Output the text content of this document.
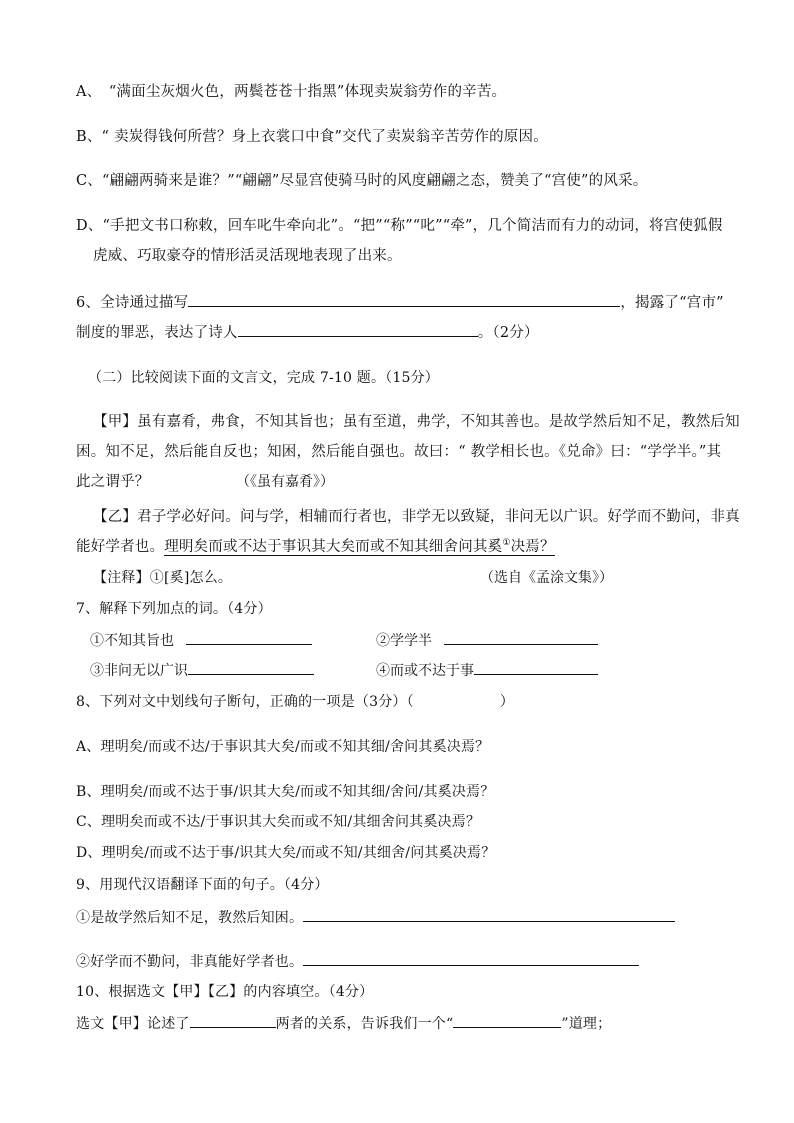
A、　“满面尘灰烟火色，两鬓苍苍十指黑”体现卖炭翁劳作的辛苦。
B、“ 卖炭得钱何所营？身上衣裳口中食”交代了卖炭翁辛苦劳作的原因。
C、“翩翩两骑来是谁？”“翩翩”尽显宫使骑马时的风度翩翩之态，赞美了“宫使”的风采。
D、“手把文书口称敕，回车叱牛牵向北”。“把”“称”“叱”“牵”，几个简洁而有力的动词，将宫使狐假
虎威、巧取豪夺的情形活灵活现地表现了出来。
6、全诗通过描写	，揭露了“宫市”
制度的罪恶，表达了诗人	。（2分）
（二）比较阅读下面的文言文，完成 7-10 题。（15分）
【甲】虽有嘉肴，弗食，不知其旨也；虽有至道，弗学，不知其善也。是故学然后知不足，教然后知
困。知不足，然后能自反也；知困，然后能自强也。故曰：“ 教学相长也。《兑命》曰：“学学半。”其
此之谓乎？	（《虽有嘉肴》）
【乙】君子学必好问。问与学，相辅而行者也，非学无以致疑，非问无以广识。好学而不勤问，非真
能好学者也。理明矣而或不达于事识其大矣而或不知其细舍问其奚①决焉？
【注释】①[奚]怎么。	（选自《孟涂文集》）
7、解释下列加点的词。（4分）
①不知其旨也	②学学半
③非问无以广识	④而或不达于事
8、下列对文中划线句子断句，正确的一项是（3分）（	）
A、理明矣/而或不达/于事识其大矣/而或不知其细/舍问其奚决焉？
B、理明矣/而或不达于事/识其大矣/而或不知其细/舍问/其奚决焉？
C、理明矣而或不达/于事识其大矣而或不知/其细舍问其奚决焉？
D、理明矣/而或不达于事/识其大矣/而或不知/其细舍/问其奚决焉？
9、用现代汉语翻译下面的句子。（4分）
①是故学然后知不足，教然后知困。
②好学而不勤问，非真能好学者也。
10、根据选文【甲】【乙】的内容填空。（4分）
选文【甲】论述了	两者的关系，告诉我们一个“	”道理；
